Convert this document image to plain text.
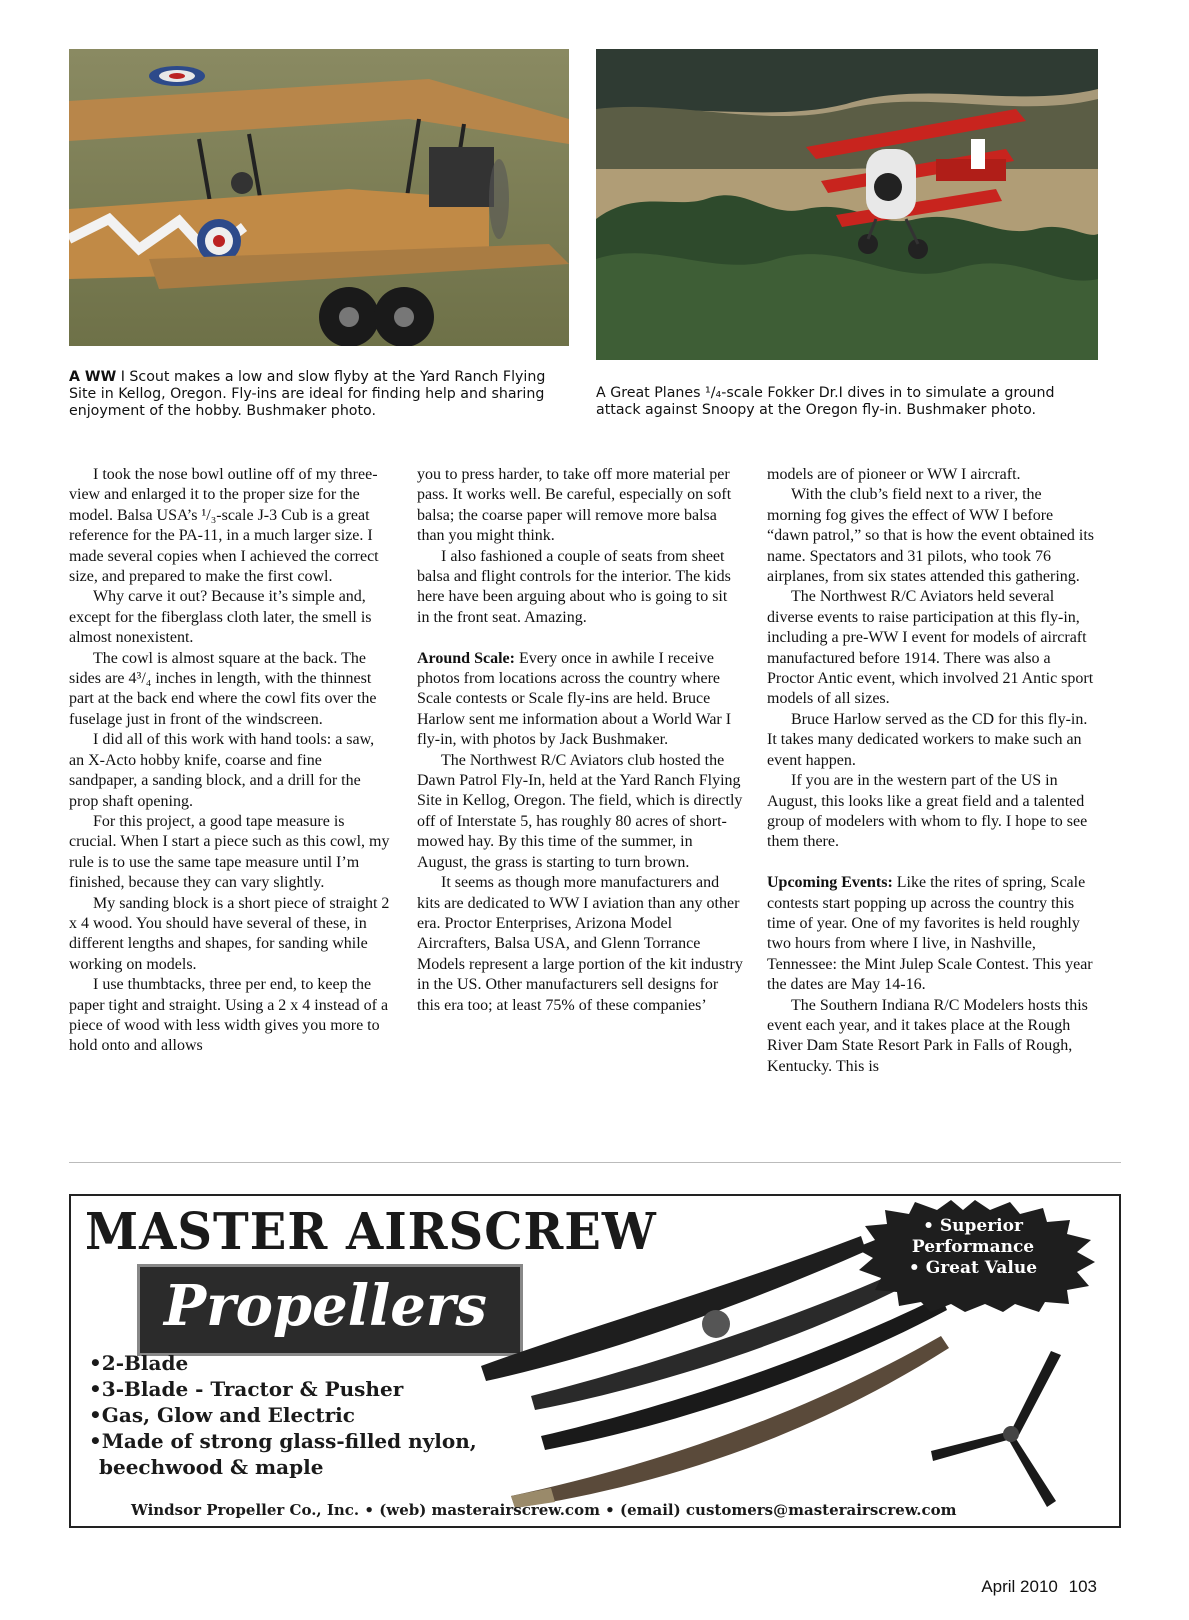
A WW I Scout makes a low and slow flyby at the Yard Ranch Flying Site in Kellog, Oregon. Fly-ins are ideal for finding help and sharing enjoyment of the hobby. Bushmaker photo.
A Great Planes ¹/₄-scale Fokker Dr.I dives in to simulate a ground attack against Snoopy at the Oregon fly-in. Bushmaker photo.

I took the nose bowl outline off of my three-view and enlarged it to the proper size for the model. Balsa USA’s ¹/₃-scale J-3 Cub is a great reference for the PA-11, in a much larger size. I made several copies when I achieved the correct size, and prepared to make the first cowl.

Why carve it out? Because it’s simple and, except for the fiberglass cloth later, the smell is almost nonexistent.

The cowl is almost square at the back. The sides are 4³/₄ inches in length, with the thinnest part at the back end where the cowl fits over the fuselage just in front of the windscreen.

I did all of this work with hand tools: a saw, an X-Acto hobby knife, coarse and fine sandpaper, a sanding block, and a drill for the prop shaft opening.

For this project, a good tape measure is crucial. When I start a piece such as this cowl, my rule is to use the same tape measure until I’m finished, because they can vary slightly.

My sanding block is a short piece of straight 2 x 4 wood. You should have several of these, in different lengths and shapes, for sanding while working on models.

I use thumbtacks, three per end, to keep the paper tight and straight. Using a 2 x 4 instead of a piece of wood with less width gives you more to hold onto and allows

you to press harder, to take off more material per pass. It works well. Be careful, especially on soft balsa; the coarse paper will remove more balsa than you might think.

I also fashioned a couple of seats from sheet balsa and flight controls for the interior. The kids here have been arguing about who is going to sit in the front seat. Amazing.

Around Scale: Every once in awhile I receive photos from locations across the country where Scale contests or Scale fly-ins are held. Bruce Harlow sent me information about a World War I fly-in, with photos by Jack Bushmaker.

The Northwest R/C Aviators club hosted the Dawn Patrol Fly-In, held at the Yard Ranch Flying Site in Kellog, Oregon. The field, which is directly off of Interstate 5, has roughly 80 acres of short-mowed hay. By this time of the summer, in August, the grass is starting to turn brown.

It seems as though more manufacturers and kits are dedicated to WW I aviation than any other era. Proctor Enterprises, Arizona Model Aircrafters, Balsa USA, and Glenn Torrance Models represent a large portion of the kit industry in the US. Other manufacturers sell designs for this era too; at least 75% of these companies’

models are of pioneer or WW I aircraft.

With the club’s field next to a river, the morning fog gives the effect of WW I before “dawn patrol,” so that is how the event obtained its name. Spectators and 31 pilots, who took 76 airplanes, from six states attended this gathering.

The Northwest R/C Aviators held several diverse events to raise participation at this fly-in, including a pre-WW I event for models of aircraft manufactured before 1914. There was also a Proctor Antic event, which involved 21 Antic sport models of all sizes.

Bruce Harlow served as the CD for this fly-in. It takes many dedicated workers to make such an event happen.

If you are in the western part of the US in August, this looks like a great field and a talented group of modelers with whom to fly. I hope to see them there.

Upcoming Events: Like the rites of spring, Scale contests start popping up across the country this time of year. One of my favorites is held roughly two hours from where I live, in Nashville, Tennessee: the Mint Julep Scale Contest. This year the dates are May 14-16.

The Southern Indiana R/C Modelers hosts this event each year, and it takes place at the Rough River Dam State Resort Park in Falls of Rough, Kentucky. This is

MASTER AIRSCREW
Propellers
•2-Blade
•3-Blade - Tractor & Pusher
•Gas, Glow and Electric
•Made of strong glass-filled nylon,
beechwood & maple
• Superior
Performance
• Great Value
Windsor Propeller Co., Inc. • (web) masterairscrew.com • (email) customers@masterairscrew.com
April 2010 103
